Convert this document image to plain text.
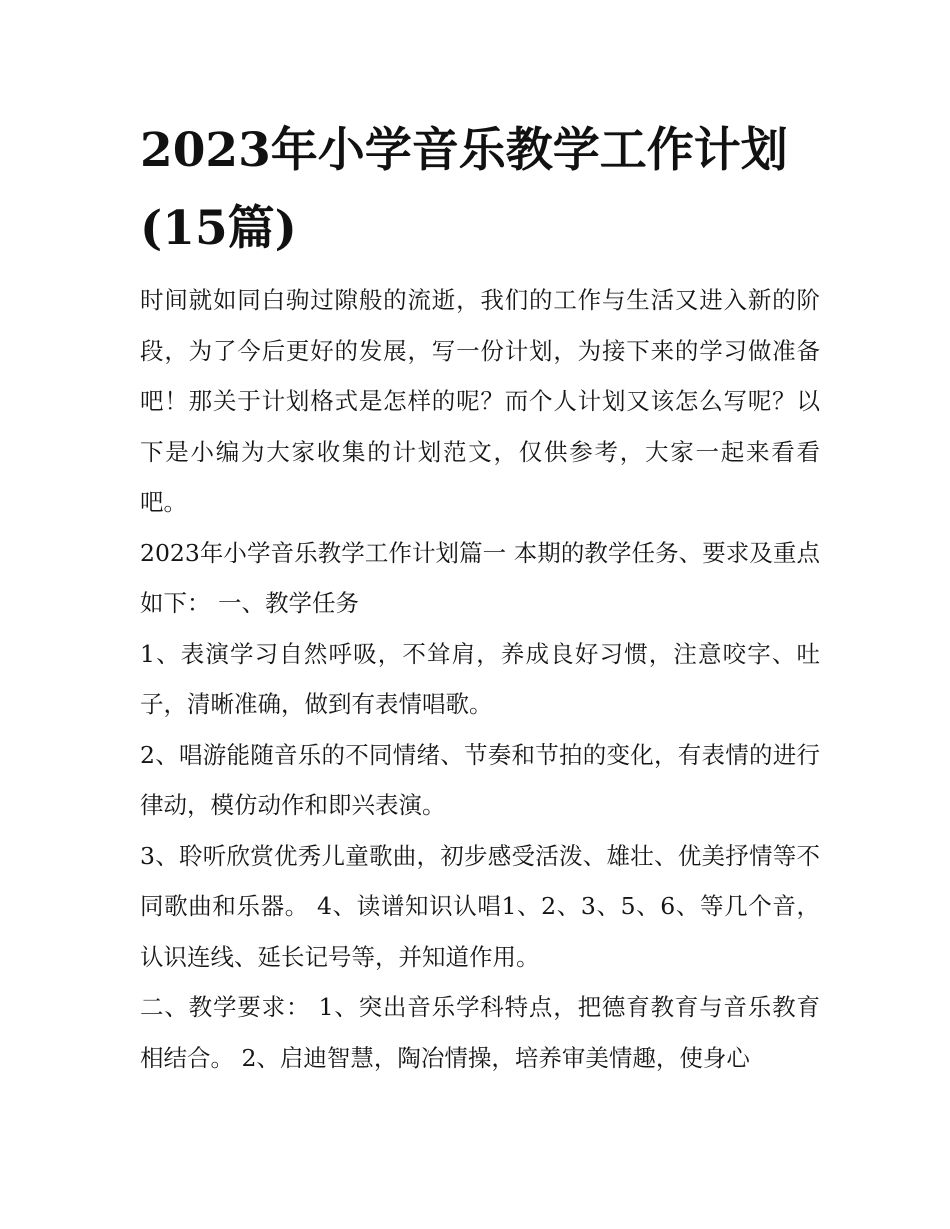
2023年小学音乐教学工作计划
(15篇)

时间就如同白驹过隙般的流逝，我们的工作与生活又进入新的阶段，为了今后更好的发展，写一份计划，为接下来的学习做准备吧！那关于计划格式是怎样的呢？而个人计划又该怎么写呢？以下是小编为大家收集的计划范文，仅供参考，大家一起来看看吧。

2023年小学音乐教学工作计划篇一 本期的教学任务、要求及重点如下： 一、教学任务

1、表演学习自然呼吸，不耸肩，养成良好习惯，注意咬字、吐子，清晰准确，做到有表情唱歌。

2、唱游能随音乐的不同情绪、节奏和节拍的变化，有表情的进行律动，模仿动作和即兴表演。

3、聆听欣赏优秀儿童歌曲，初步感受活泼、雄壮、优美抒情等不同歌曲和乐器。 4、读谱知识认唱1、2、3、5、6、等几个音，认识连线、延长记号等，并知道作用。

二、教学要求： 1、突出音乐学科特点，把德育教育与音乐教育相结合。 2、启迪智慧，陶冶情操，培养审美情趣，使身心
